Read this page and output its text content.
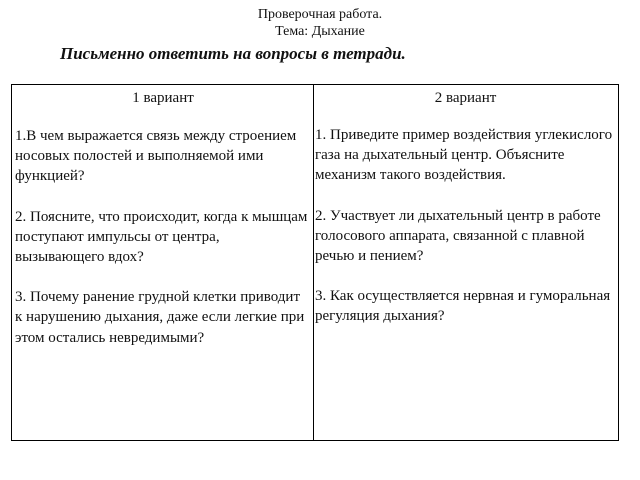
Проверочная работа.
Тема: Дыхание
Письменно ответить на вопросы в тетради.
1 вариант
1.В чем выражается связь между строением носовых полостей и выполняемой ими функцией?
2. Поясните, что происходит, когда к мышцам поступают импульсы от центра, вызывающего вдох?
3. Почему ранение грудной клетки приводит к нарушению дыхания, даже если легкие при этом остались невредимыми?
2 вариант
1. Приведите пример воздействия углекислого газа на дыхательный центр. Объясните механизм такого воздействия.
2. Участвует ли дыхательный центр в работе голосового аппарата, связанной с плавной речью и пением?
3. Как осуществляется нервная и гуморальная регуляция дыхания?
